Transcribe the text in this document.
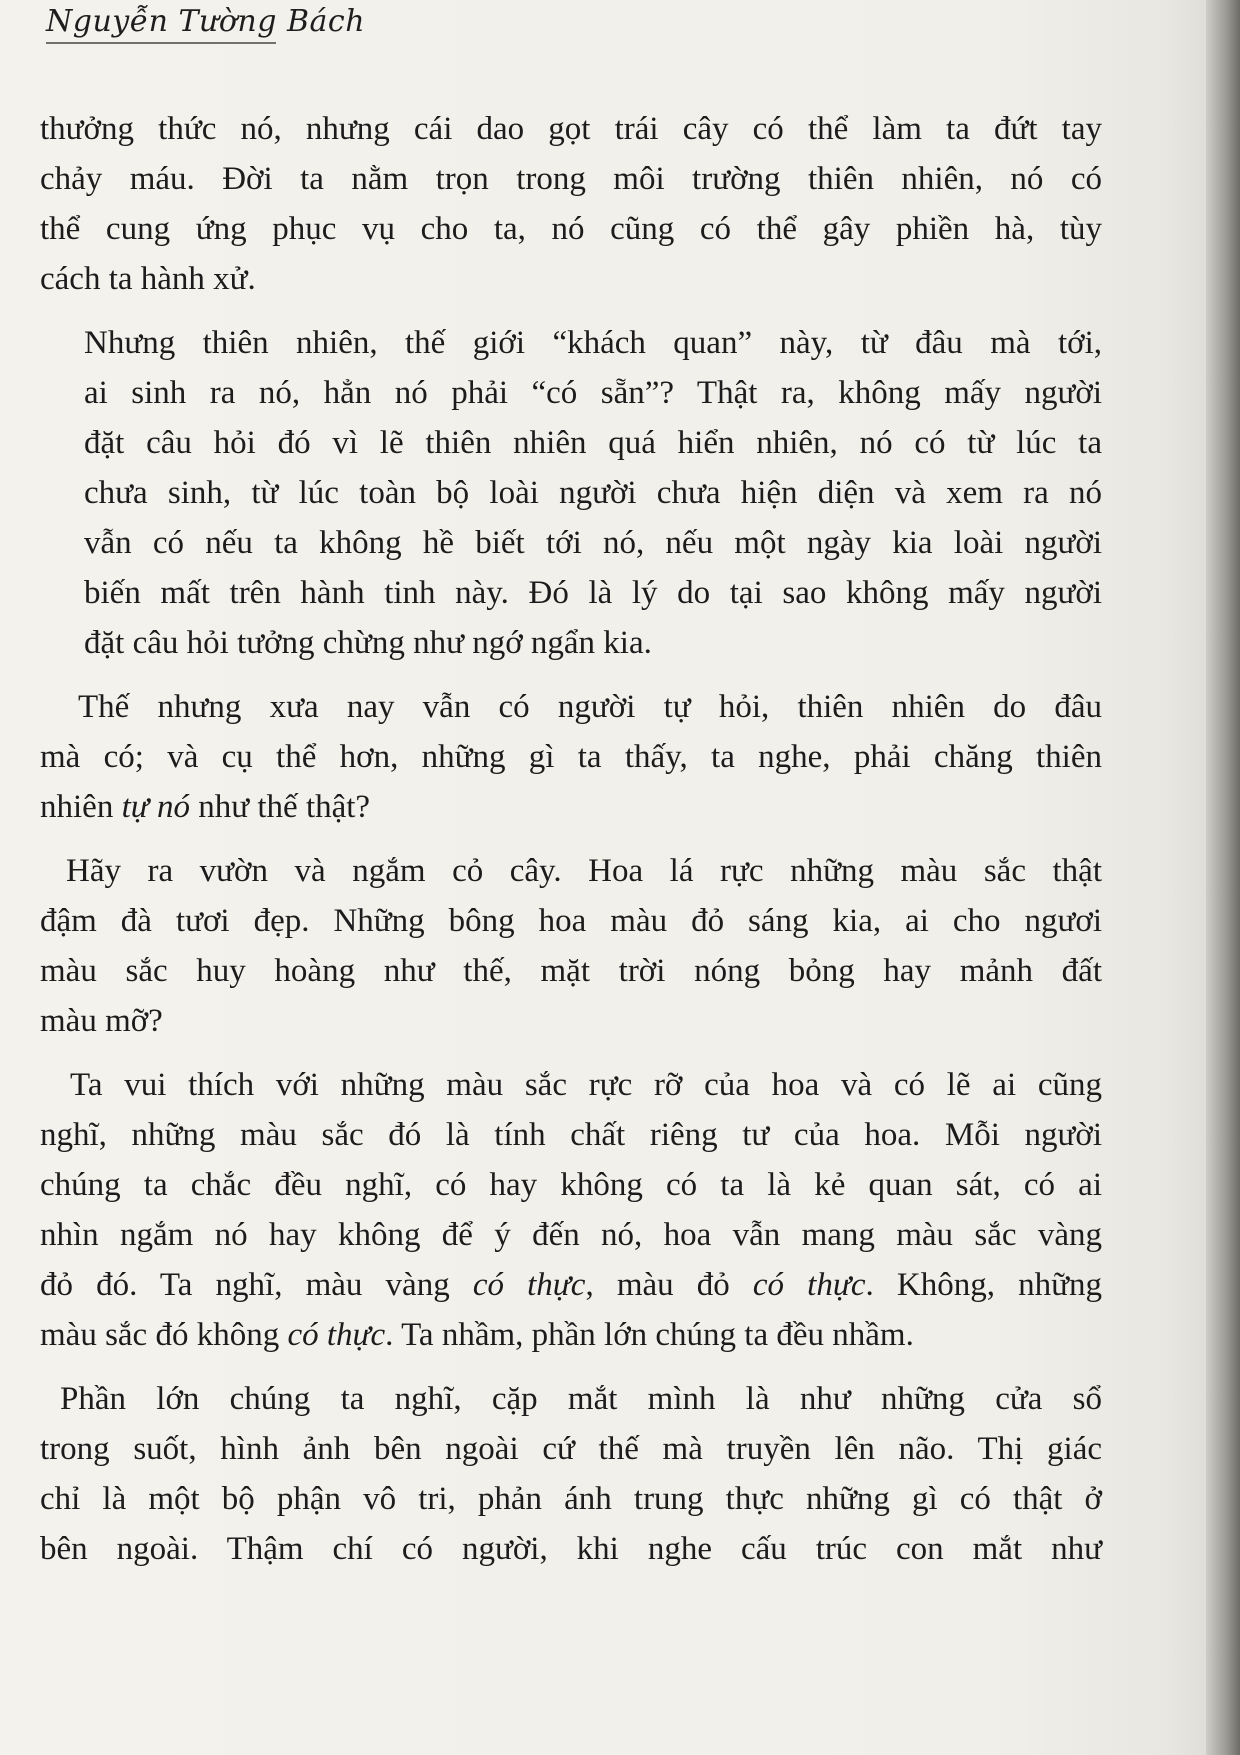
Nguyễn Tường Bách
thưởng thức nó, nhưng cái dao gọt trái cây có thể làm ta đứt tay
chảy máu. Đời ta nằm trọn trong môi trường thiên nhiên, nó có
thể cung ứng phục vụ cho ta, nó cũng có thể gây phiền hà, tùy
cách ta hành xử.
Nhưng thiên nhiên, thế giới “khách quan” này, từ đâu mà tới,
ai sinh ra nó, hẳn nó phải “có sẵn”? Thật ra, không mấy người
đặt câu hỏi đó vì lẽ thiên nhiên quá hiển nhiên, nó có từ lúc ta
chưa sinh, từ lúc toàn bộ loài người chưa hiện diện và xem ra nó
vẫn có nếu ta không hề biết tới nó, nếu một ngày kia loài người
biến mất trên hành tinh này. Đó là lý do tại sao không mấy người
đặt câu hỏi tưởng chừng như ngớ ngẩn kia.
Thế nhưng xưa nay vẫn có người tự hỏi, thiên nhiên do đâu
mà có; và cụ thể hơn, những gì ta thấy, ta nghe, phải chăng thiên
nhiên tự nó như thế thật?
Hãy ra vườn và ngắm cỏ cây. Hoa lá rực những màu sắc thật
đậm đà tươi đẹp. Những bông hoa màu đỏ sáng kia, ai cho ngươi
màu sắc huy hoàng như thế, mặt trời nóng bỏng hay mảnh đất
màu mỡ?
Ta vui thích với những màu sắc rực rỡ của hoa và có lẽ ai cũng
nghĩ, những màu sắc đó là tính chất riêng tư của hoa. Mỗi người
chúng ta chắc đều nghĩ, có hay không có ta là kẻ quan sát, có ai
nhìn ngắm nó hay không để ý đến nó, hoa vẫn mang màu sắc vàng
đỏ đó. Ta nghĩ, màu vàng có thực, màu đỏ có thực. Không, những
màu sắc đó không có thực. Ta nhầm, phần lớn chúng ta đều nhầm.
Phần lớn chúng ta nghĩ, cặp mắt mình là như những cửa sổ
trong suốt, hình ảnh bên ngoài cứ thế mà truyền lên não. Thị giác
chỉ là một bộ phận vô tri, phản ánh trung thực những gì có thật ở
bên ngoài. Thậm chí có người, khi nghe cấu trúc con mắt như
